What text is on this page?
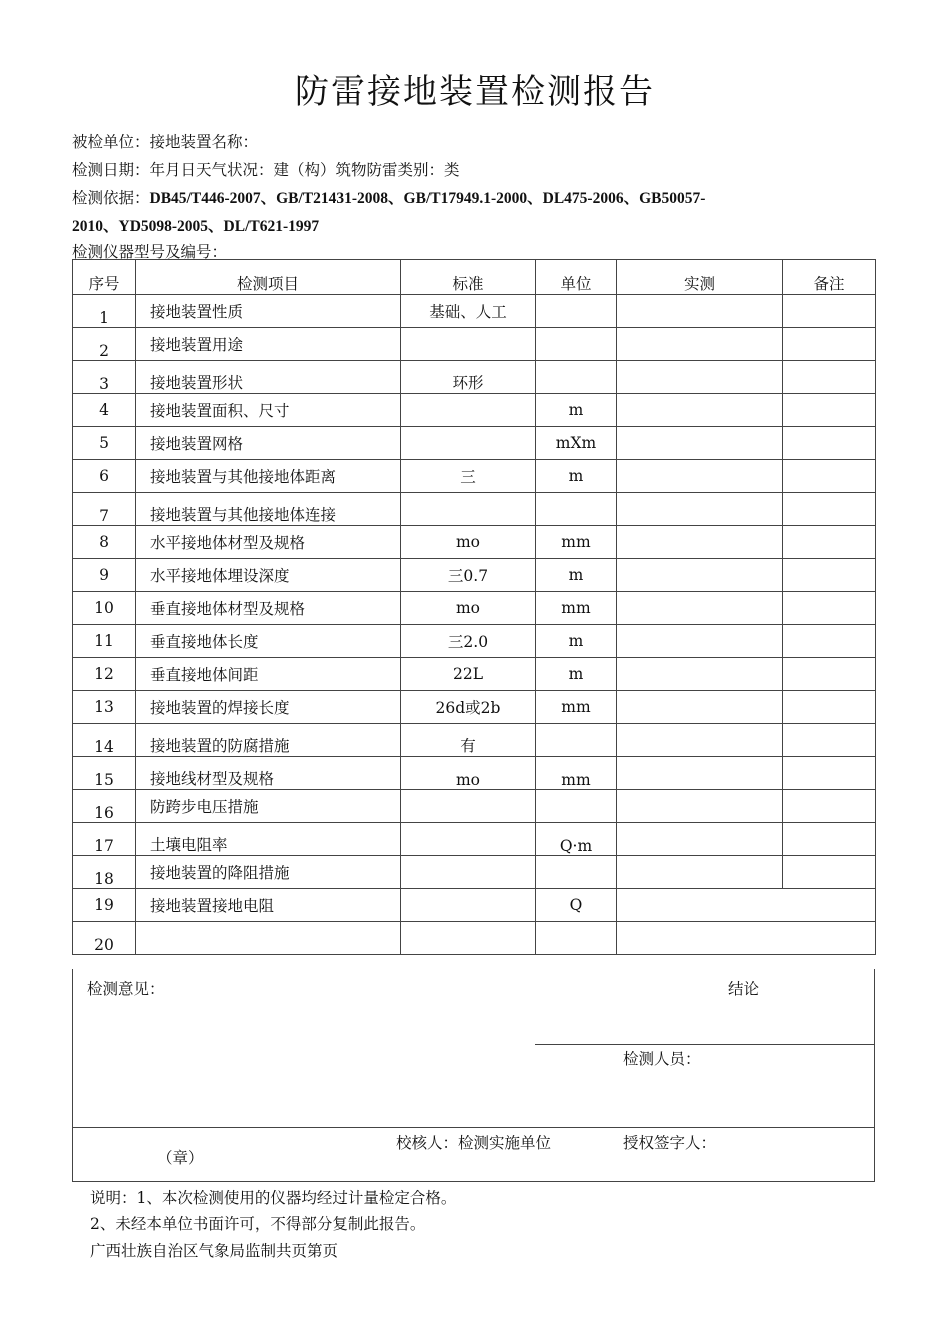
防雷接地装置检测报告
被检单位：接地装置名称：
检测日期：年月日天气状况：建（构）筑物防雷类别：类
检测依据：DB45/T446-2007、GB/T21431-2008、GB/T17949.1-2000、DL475-2006、GB50057-
2010、YD5098-2005、DL/T621-1997
检测仪器型号及编号：
序号	检测项目	标准	单位	实测	备注
1	接地装置性质	基础、人工			
2	接地装置用途				
3	接地装置形状	环形			
4	接地装置面积、尺寸		m		
5	接地装置网格		mXm		
6	接地装置与其他接地体距离	三	m		
7	接地装置与其他接地体连接				
8	水平接地体材型及规格	mo	mm		
9	水平接地体埋设深度	三0.7	m		
10	垂直接地体材型及规格	mo	mm		
11	垂直接地体长度	三2.0	m		
12	垂直接地体间距	22L	m		
13	接地装置的焊接长度	26d或2b	mm		
14	接地装置的防腐措施	有			
15	接地线材型及规格	mo	mm		
16	防跨步电压措施				
17	土壤电阻率		Q·m		
18	接地装置的降阻措施				
19	接地装置接地电阻		Q		
20					
检测意见：	结论
检测人员：
校核人：检测实施单位	授权签字人：
（章）
说明：1、本次检测使用的仪器均经过计量检定合格。
2、未经本单位书面许可，不得部分复制此报告。
广西壮族自治区气象局监制共页第页
